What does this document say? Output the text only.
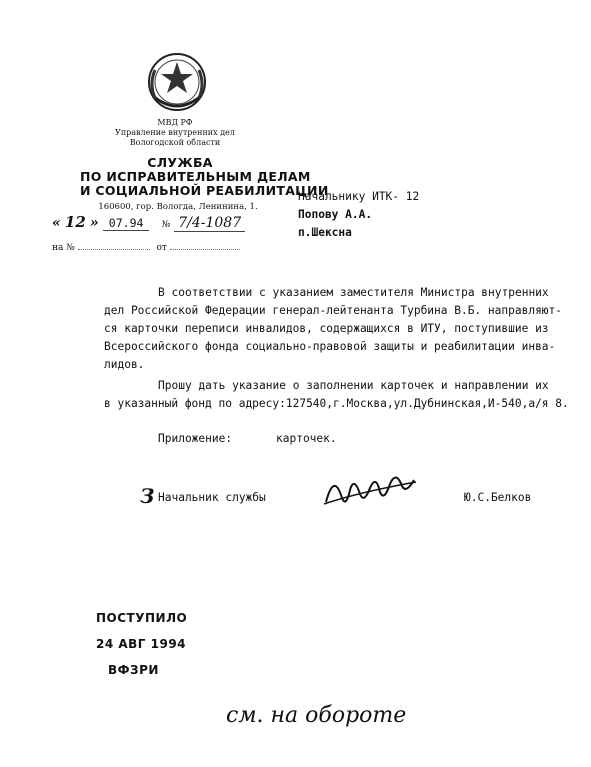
МВД РФ
Управление внутренних дел
Вологодской области
СЛУЖБА
ПО ИСПРАВИТЕЛЬНЫМ ДЕЛАМ
И СОЦИАЛЬНОЙ РЕАБИЛИТАЦИИ
160600, гор. Вологда, Ленинина, 1.
« 12 » 07.94 № 7/4-1087
на №	от
Начальнику ИТК- 12
Попову А.А.
п.Шексна
В соответствии с указанием заместителя Министра внутренних
дел Российской Федерации генерал-лейтенанта Турбина В.Б. направляют-
ся карточки переписи инвалидов, содержащихся в ИТУ, поступившие из
Всероссийского фонда социально-правовой защиты и реабилитации инва-
лидов.
Прошу дать указание о заполнении карточек и направлении их
в указанный фонд по адресу:127540,г.Москва,ул.Дубнинская,И-540,а/я 8.
Приложение:	карточек.
З Начальник службы	Ю.С.Белков
ПОСТУПИЛО
24 АВГ 1994
ВФЗРИ
см. на обороте
